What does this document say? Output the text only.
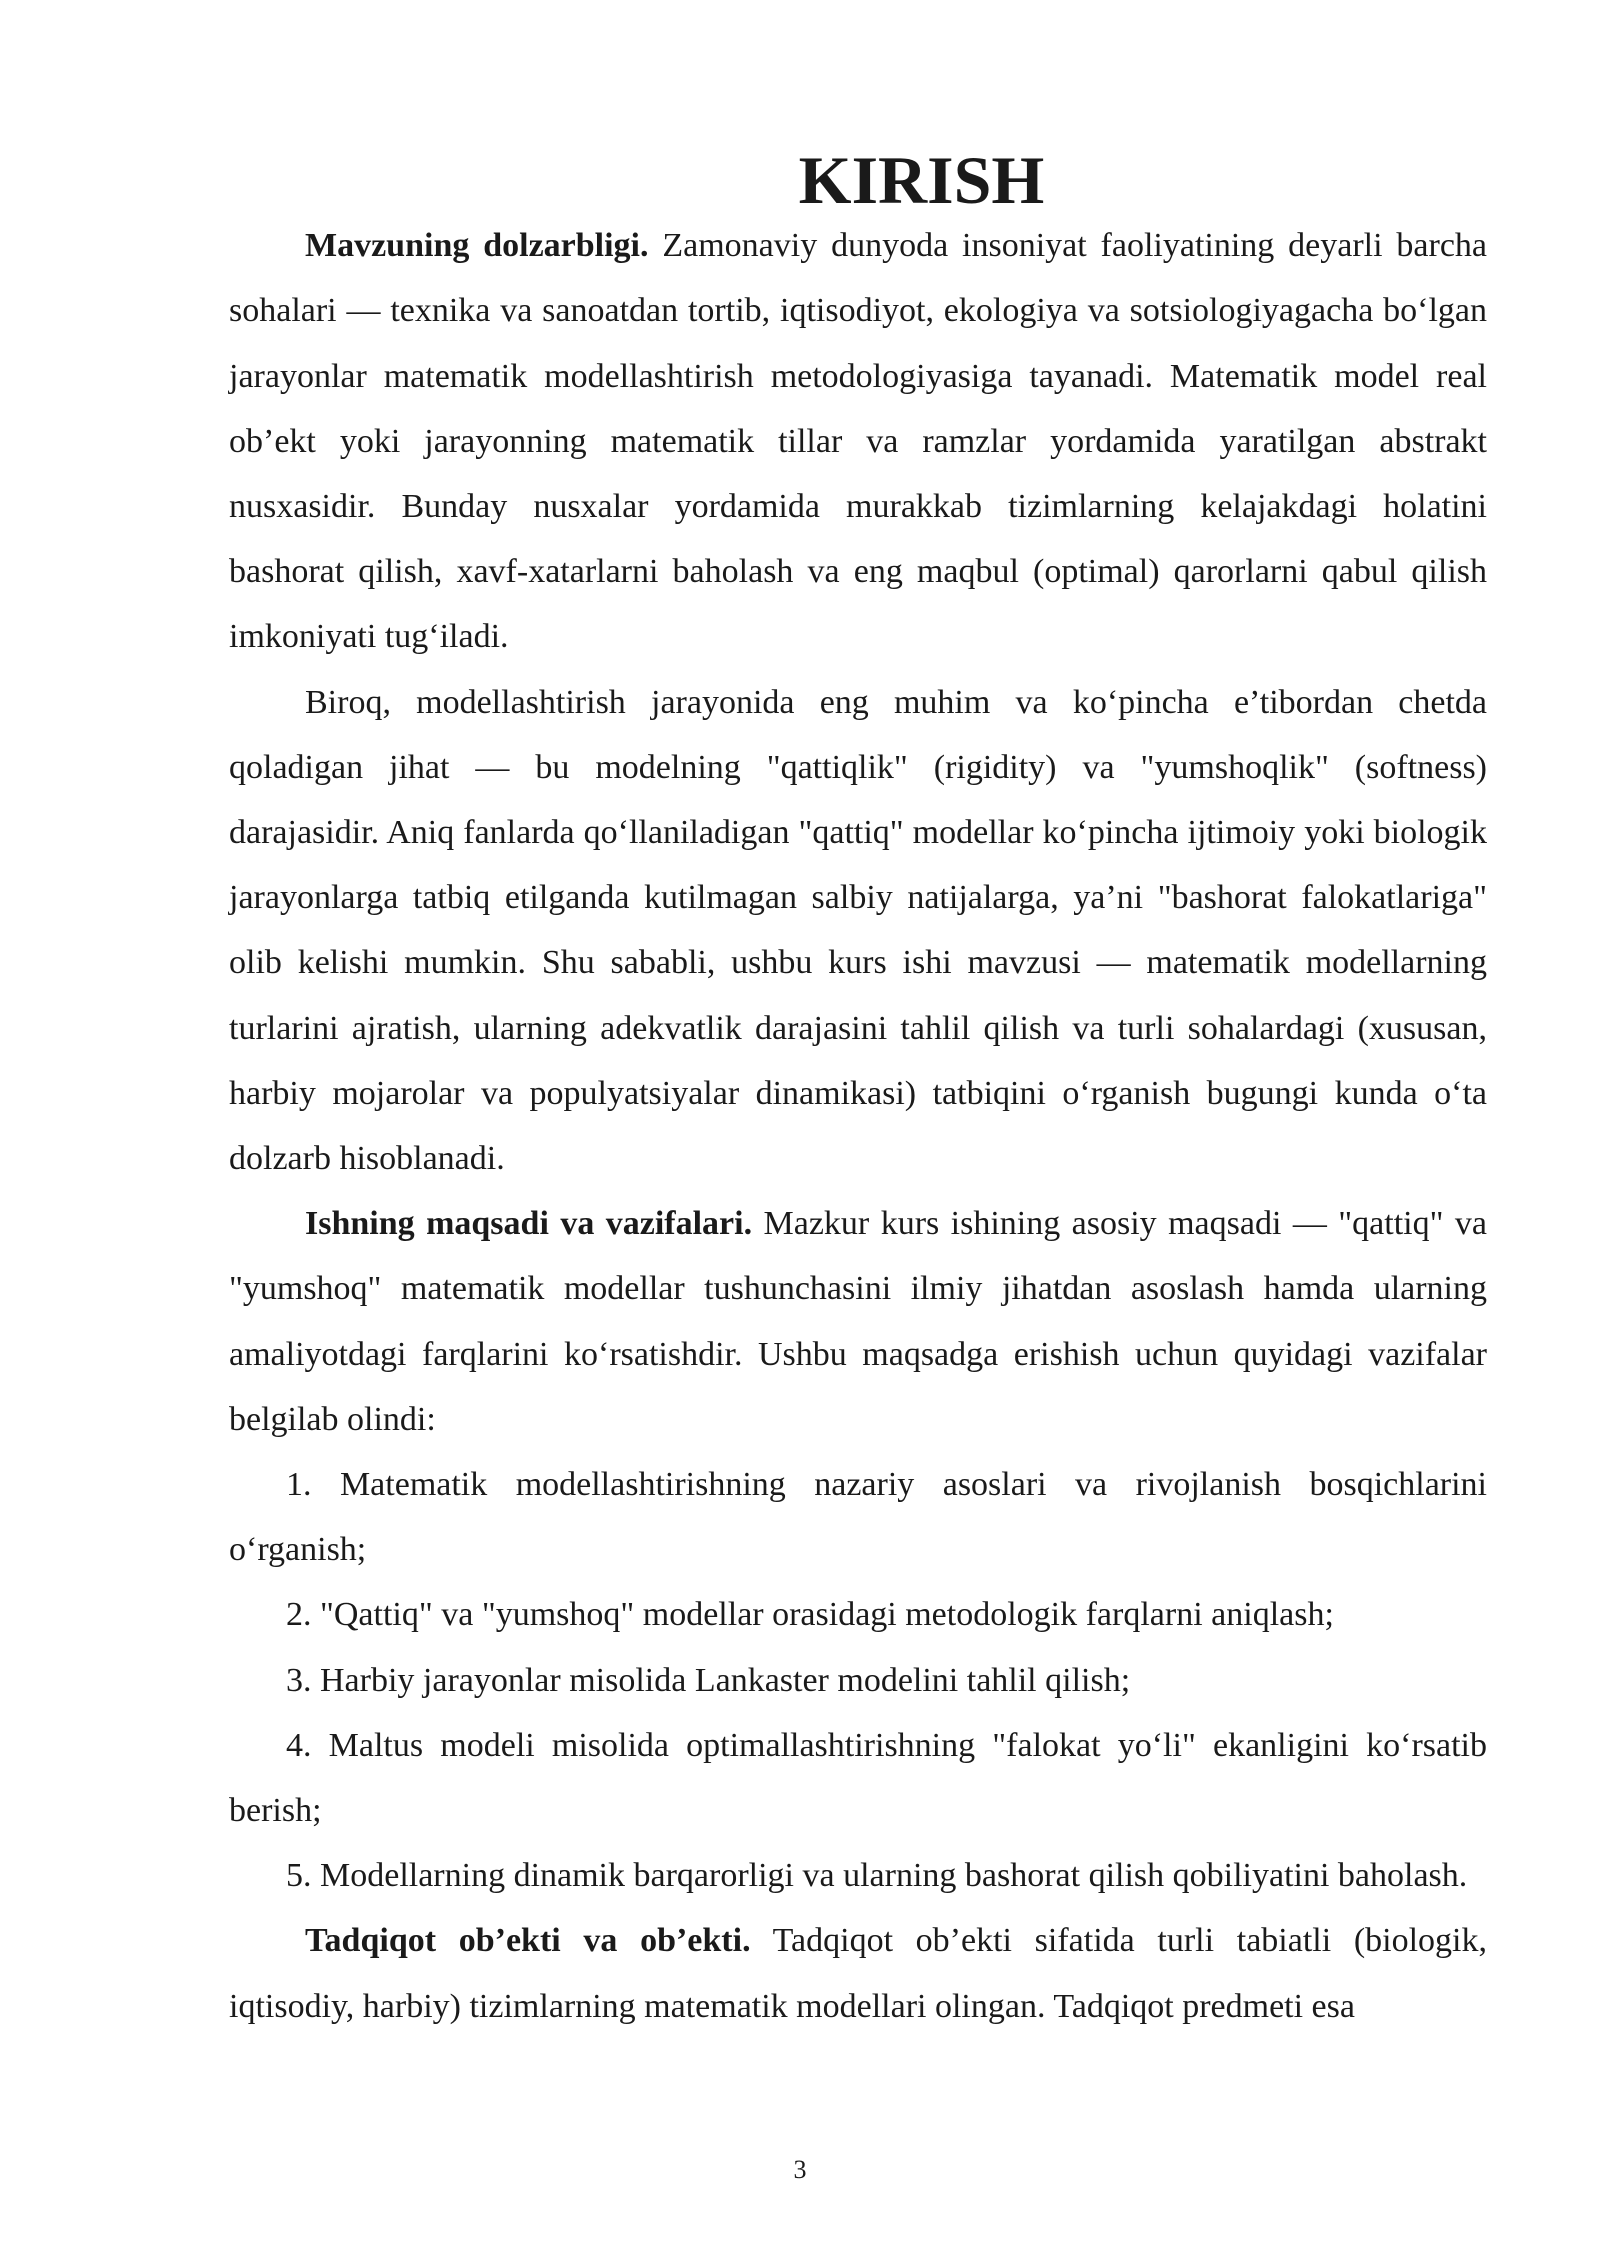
KIRISH

Mavzuning dolzarbligi. Zamonaviy dunyoda insoniyat faoliyatining deyarli barcha sohalari — texnika va sanoatdan tortib, iqtisodiyot, ekologiya va sotsiologiyagacha bo‘lgan jarayonlar matematik modellashtirish metodologiyasiga tayanadi. Matematik model real ob’ekt yoki jarayonning matematik tillar va ramzlar yordamida yaratilgan abstrakt nusxasidir. Bunday nusxalar yordamida murakkab tizimlarning kelajakdagi holatini bashorat qilish, xavf-xatarlarni baholash va eng maqbul (optimal) qarorlarni qabul qilish imkoniyati tug‘iladi.

Biroq, modellashtirish jarayonida eng muhim va ko‘pincha e’tibordan chetda qoladigan jihat — bu modelning "qattiqlik" (rigidity) va "yumshoqlik" (softness) darajasidir. Aniq fanlarda qo‘llaniladigan "qattiq" modellar ko‘pincha ijtimoiy yoki biologik jarayonlarga tatbiq etilganda kutilmagan salbiy natijalarga, ya’ni "bashorat falokatlariga" olib kelishi mumkin. Shu sababli, ushbu kurs ishi mavzusi — matematik modellarning turlarini ajratish, ularning adekvatlik darajasini tahlil qilish va turli sohalardagi (xususan, harbiy mojarolar va populyatsiyalar dinamikasi) tatbiqini o‘rganish bugungi kunda o‘ta dolzarb hisoblanadi.

Ishning maqsadi va vazifalari. Mazkur kurs ishining asosiy maqsadi — "qattiq" va "yumshoq" matematik modellar tushunchasini ilmiy jihatdan asoslash hamda ularning amaliyotdagi farqlarini ko‘rsatishdir. Ushbu maqsadga erishish uchun quyidagi vazifalar belgilab olindi:

1. Matematik modellashtirishning nazariy asoslari va rivojlanish bosqichlarini o‘rganish;

2. "Qattiq" va "yumshoq" modellar orasidagi metodologik farqlarni aniqlash;

3. Harbiy jarayonlar misolida Lankaster modelini tahlil qilish;

4. Maltus modeli misolida optimallashtirishning "falokat yo‘li" ekanligini ko‘rsatib berish;

5. Modellarning dinamik barqarorligi va ularning bashorat qilish qobiliyatini baholash.

Tadqiqot ob’ekti va ob’ekti. Tadqiqot ob’ekti sifatida turli tabiatli (biologik, iqtisodiy, harbiy) tizimlarning matematik modellari olingan. Tadqiqot predmeti esa

3
